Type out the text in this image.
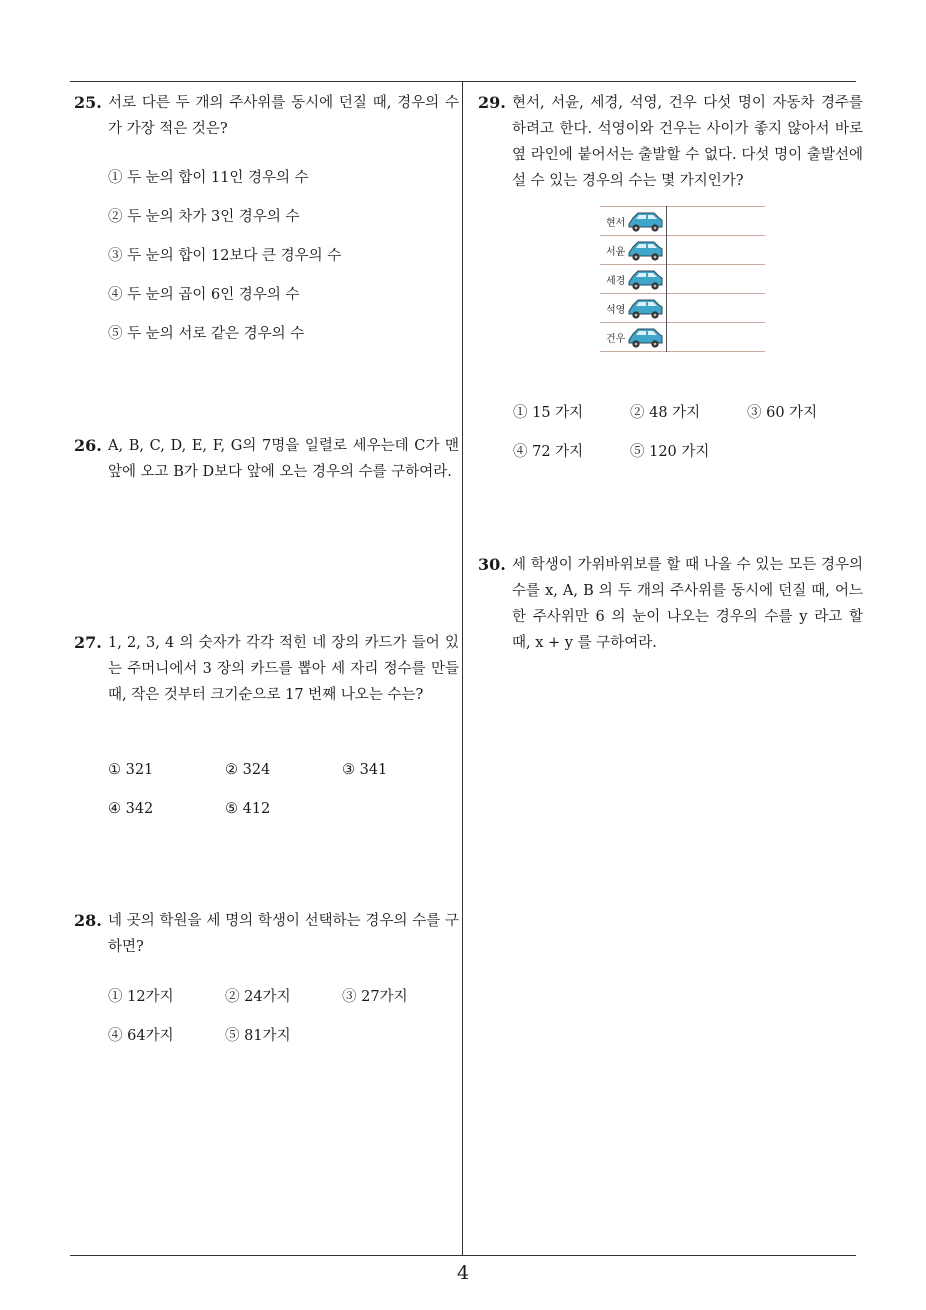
4
25. 서로 다른 두 개의 주사위를 동시에 던질 때, 경우의 수가 가장 적은 것은?
① 두 눈의 합이 11인 경우의 수
② 두 눈의 차가 3인 경우의 수
③ 두 눈의 합이 12보다 큰 경우의 수
④ 두 눈의 곱이 6인 경우의 수
⑤ 두 눈의 서로 같은 경우의 수
26. A, B, C, D, E, F, G의 7명을 일렬로 세우는데 C가 맨 앞에 오고 B가 D보다 앞에 오는 경우의 수를 구하여라.
27. 1, 2, 3, 4 의 숫자가 각각 적힌 네 장의 카드가 들어 있는 주머니에서 3 장의 카드를 뽑아 세 자리 정수를 만들 때, 작은 것부터 크기순으로 17 번째 나오는 수는?
① 321	② 324	③ 341
④ 342	⑤ 412
28. 네 곳의 학원을 세 명의 학생이 선택하는 경우의 수를 구하면?
① 12가지	② 24가지	③ 27가지
④ 64가지	⑤ 81가지
29. 현서, 서윤, 세경, 석영, 건우 다섯 명이 자동차 경주를 하려고 한다. 석영이와 건우는 사이가 좋지 않아서 바로 옆 라인에 붙어서는 출발할 수 없다. 다섯 명이 출발선에 설 수 있는 경우의 수는 몇 가지인가?
현서
서윤
세경
석영
건우
① 15 가지	② 48 가지	③ 60 가지
④ 72 가지	⑤ 120 가지
30. 세 학생이 가위바위보를 할 때 나올 수 있는 모든 경우의 수를 x, A, B 의 두 개의 주사위를 동시에 던질 때, 어느 한 주사위만 6 의 눈이 나오는 경우의 수를 y 라고 할 때, x + y 를 구하여라.
